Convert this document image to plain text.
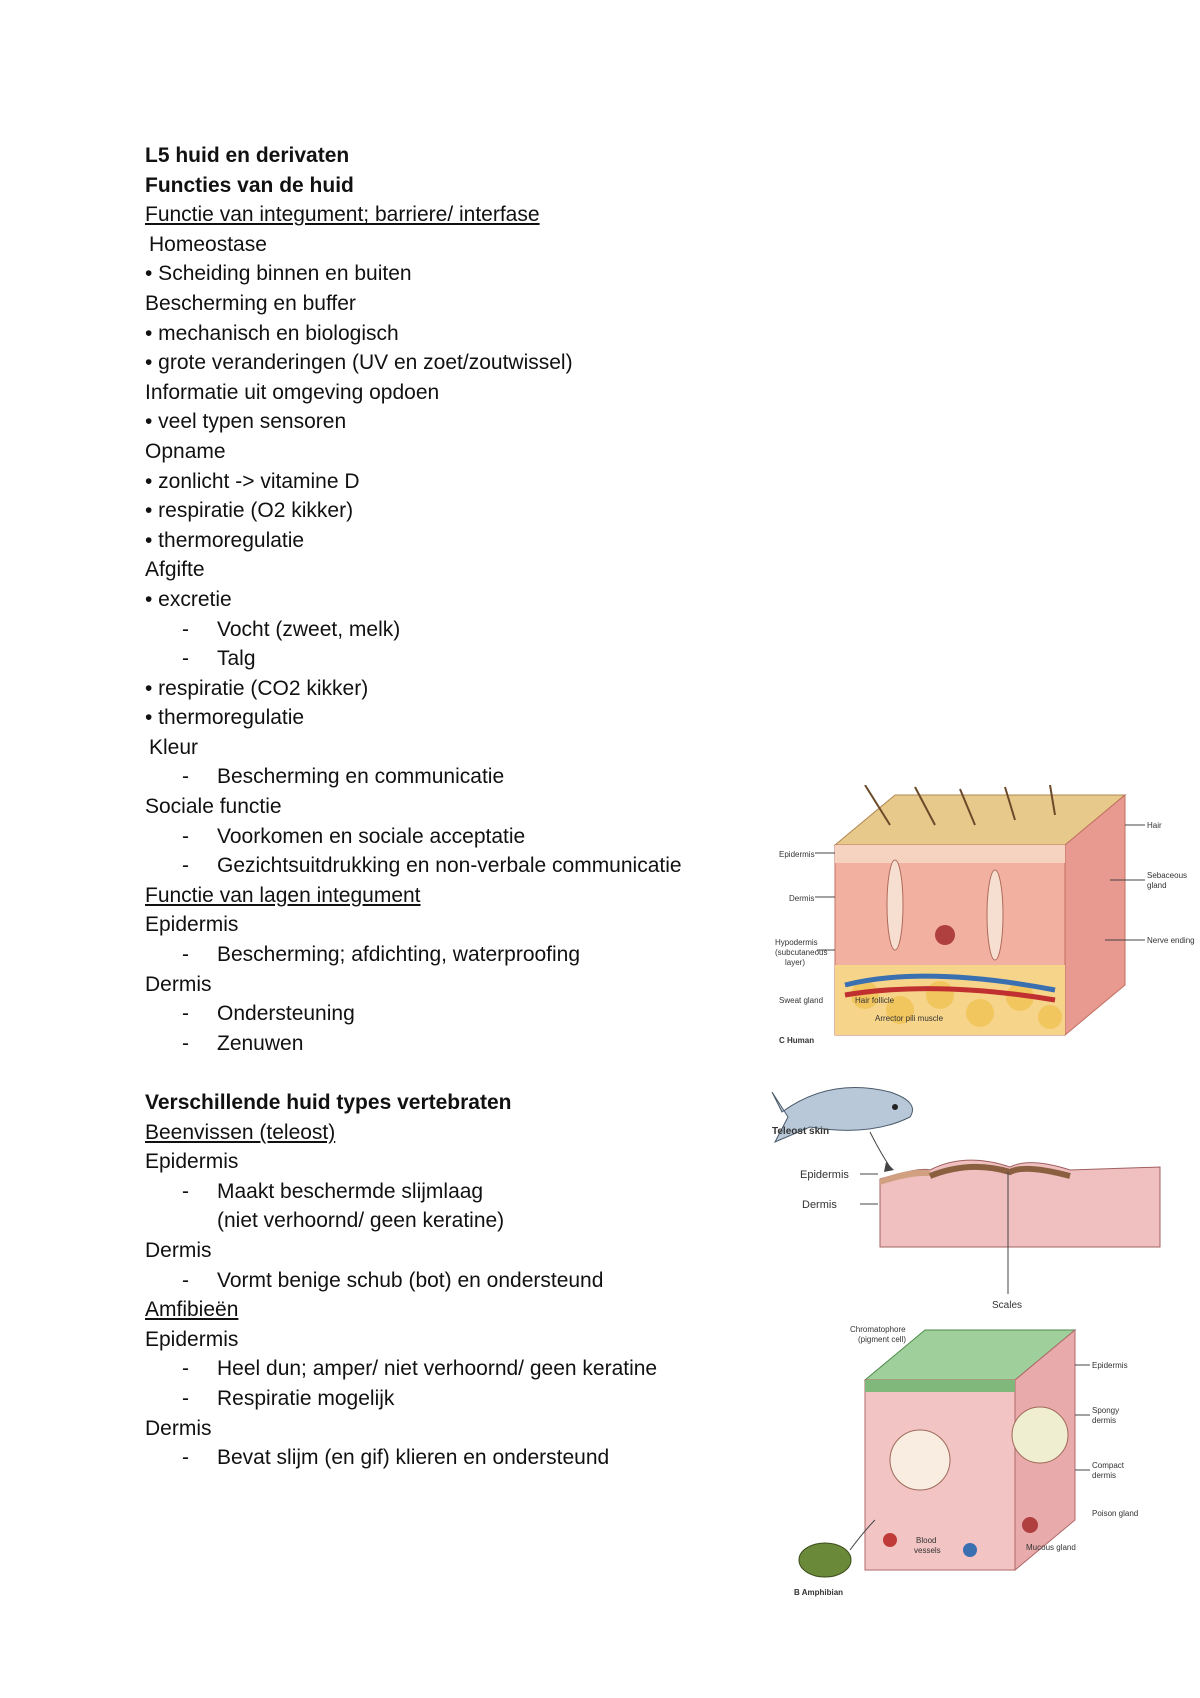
L5 huid en derivaten
Functies van de huid
Functie van integument; barriere/ interfase
Homeostase
• Scheiding binnen en buiten
Bescherming en buffer
• mechanisch en biologisch
• grote veranderingen (UV en zoet/zoutwissel)
Informatie uit omgeving opdoen
• veel typen sensoren
Opname
• zonlicht -> vitamine D
• respiratie (O2 kikker)
• thermoregulatie
Afgifte
• excretie
- Vocht (zweet, melk)
- Talg
• respiratie (CO2 kikker)
• thermoregulatie
Kleur
- Bescherming en communicatie
Sociale functie
- Voorkomen en sociale acceptatie
- Gezichtsuitdrukking en non-verbale communicatie
Functie van lagen integument
Epidermis
- Bescherming; afdichting, waterproofing
Dermis
- Ondersteuning
- Zenuwen
Verschillende huid types vertebraten
Beenvissen (teleost)
Epidermis
- Maakt beschermde slijmlaag
(niet verhoornd/ geen keratine)
Dermis
- Vormt benige schub (bot) en ondersteund
Amfibieën
Epidermis
- Heel dun; amper/ niet verhoornd/ geen keratine
- Respiratie mogelijk
Dermis
- Bevat slijm (en gif) klieren en ondersteund
Epidermis
Dermis
Hypodermis
(subcutaneous
layer)
Sweat gland	Hair follicle
Arrector pili muscle
C Human
Hair
Sebaceous
gland
Nerve endings
Teleost skin
Epidermis
Dermis
Scales
Chromatophore
(pigment cell)
Epidermis
Spongy
dermis
Compact
dermis
Poison gland
Mucous gland
Blood
vessels
B Amphibian
